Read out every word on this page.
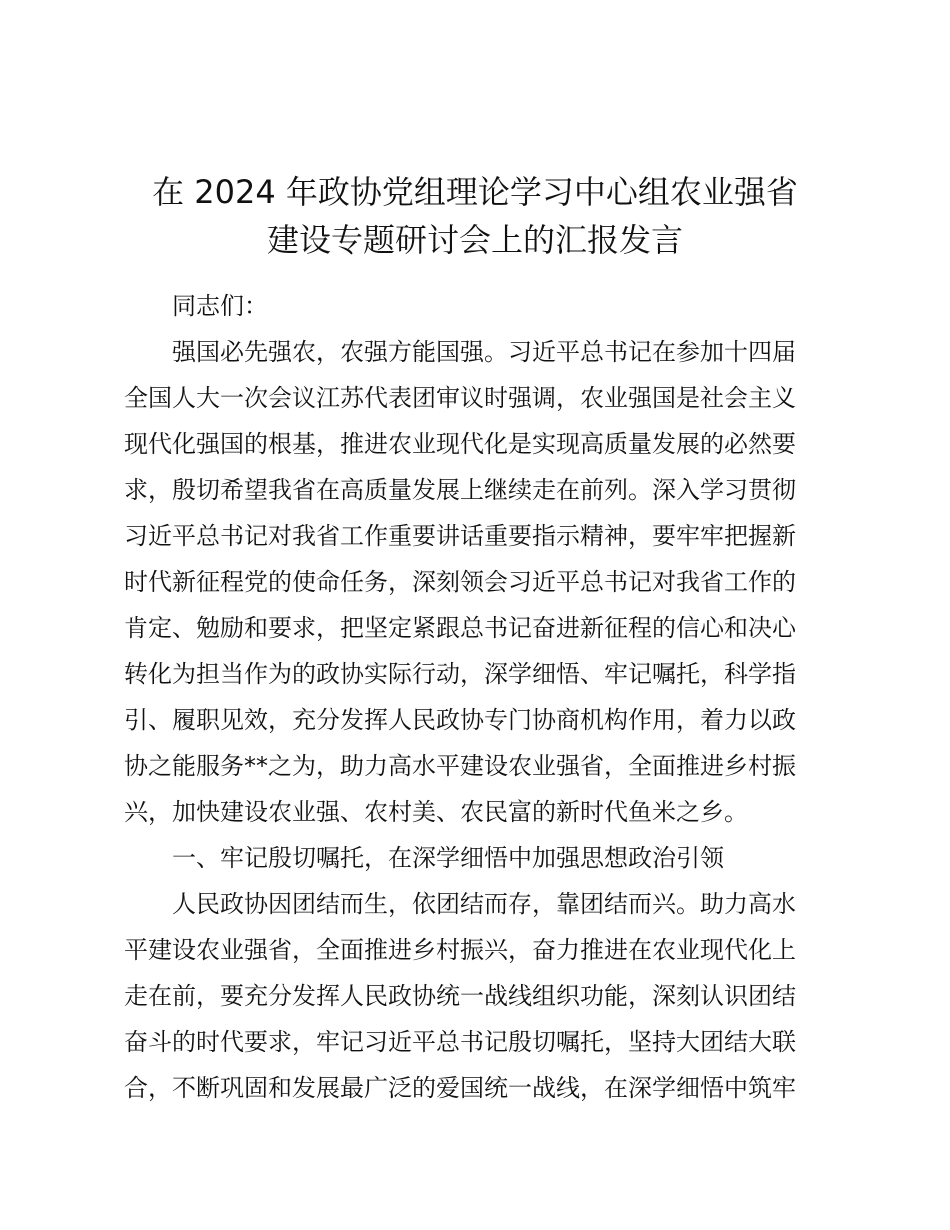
在 2024 年政协党组理论学习中心组农业强省
建设专题研讨会上的汇报发言
同志们：
强国必先强农，农强方能国强。习近平总书记在参加十四届
全国人大一次会议江苏代表团审议时强调，农业强国是社会主义
现代化强国的根基，推进农业现代化是实现高质量发展的必然要
求，殷切希望我省在高质量发展上继续走在前列。深入学习贯彻
习近平总书记对我省工作重要讲话重要指示精神，要牢牢把握新
时代新征程党的使命任务，深刻领会习近平总书记对我省工作的
肯定、勉励和要求，把坚定紧跟总书记奋进新征程的信心和决心
转化为担当作为的政协实际行动，深学细悟、牢记嘱托，科学指
引、履职见效，充分发挥人民政协专门协商机构作用，着力以政
协之能服务**之为，助力高水平建设农业强省，全面推进乡村振
兴，加快建设农业强、农村美、农民富的新时代鱼米之乡。
一、牢记殷切嘱托，在深学细悟中加强思想政治引领
人民政协因团结而生，依团结而存，靠团结而兴。助力高水
平建设农业强省，全面推进乡村振兴，奋力推进在农业现代化上
走在前，要充分发挥人民政协统一战线组织功能，深刻认识团结
奋斗的时代要求，牢记习近平总书记殷切嘱托，坚持大团结大联
合，不断巩固和发展最广泛的爱国统一战线，在深学细悟中筑牢
